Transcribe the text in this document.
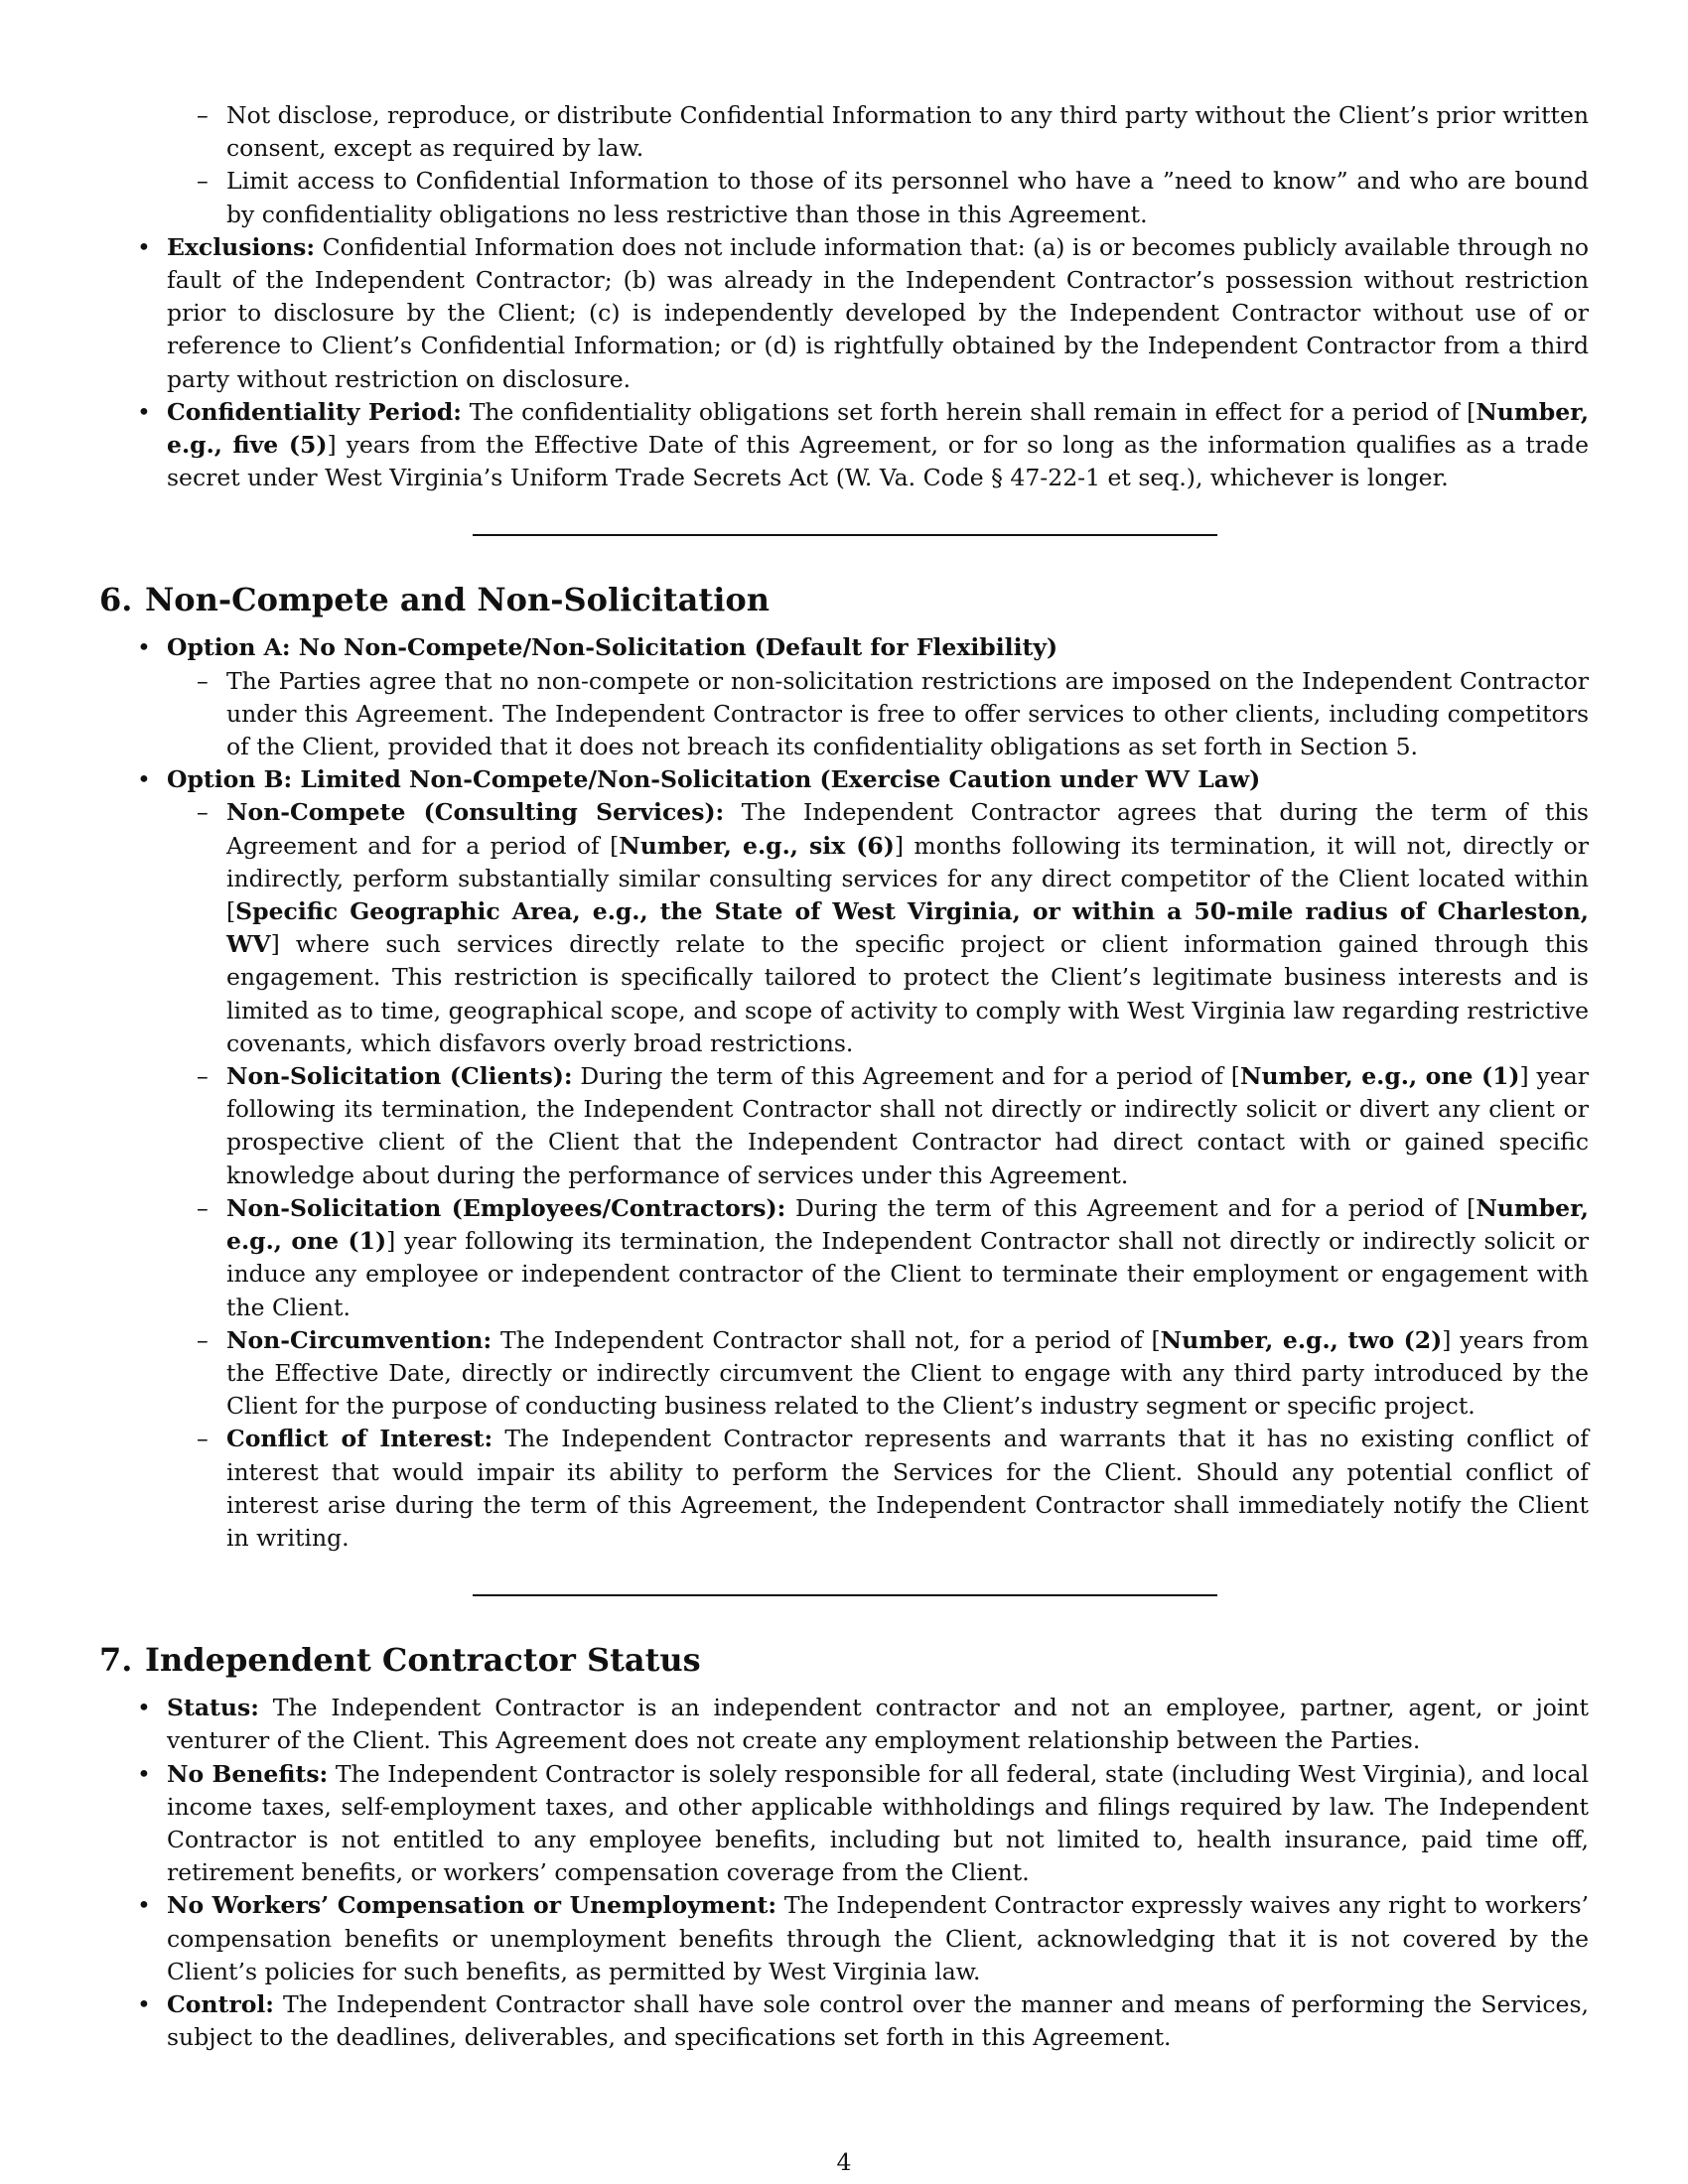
– Not disclose, reproduce, or distribute Confidential Information to any third party without the Client’s prior written consent, except as required by law.
– Limit access to Confidential Information to those of its personnel who have a ”need to know” and who are bound by confidentiality obligations no less restrictive than those in this Agreement.
• Exclusions: Confidential Information does not include information that: (a) is or becomes publicly available through no fault of the Independent Contractor; (b) was already in the Independent Contractor’s possession without restriction prior to disclosure by the Client; (c) is independently developed by the Independent Contractor without use of or reference to Client’s Confidential Information; or (d) is rightfully obtained by the Independent Contractor from a third party without restriction on disclosure.
• Confidentiality Period: The confidentiality obligations set forth herein shall remain in effect for a period of [Number, e.g., five (5)] years from the Effective Date of this Agreement, or for so long as the information qualifies as a trade secret under West Virginia’s Uniform Trade Secrets Act (W. Va. Code § 47-22-1 et seq.), whichever is longer.
6. Non-Compete and Non-Solicitation
• Option A: No Non-Compete/Non-Solicitation (Default for Flexibility)
– The Parties agree that no non-compete or non-solicitation restrictions are imposed on the Independent Contractor under this Agreement. The Independent Contractor is free to offer services to other clients, including competitors of the Client, provided that it does not breach its confidentiality obligations as set forth in Section 5.
• Option B: Limited Non-Compete/Non-Solicitation (Exercise Caution under WV Law)
– Non-Compete (Consulting Services): The Independent Contractor agrees that during the term of this Agreement and for a period of [Number, e.g., six (6)] months following its termination, it will not, directly or indirectly, perform substantially similar consulting services for any direct competitor of the Client located within [Specific Geographic Area, e.g., the State of West Virginia, or within a 50-mile radius of Charleston, WV] where such services directly relate to the specific project or client information gained through this engagement. This restriction is specifically tailored to protect the Client’s legitimate business interests and is limited as to time, geographical scope, and scope of activity to comply with West Virginia law regarding restrictive covenants, which disfavors overly broad restrictions.
– Non-Solicitation (Clients): During the term of this Agreement and for a period of [Number, e.g., one (1)] year following its termination, the Independent Contractor shall not directly or indirectly solicit or divert any client or prospective client of the Client that the Independent Contractor had direct contact with or gained specific knowledge about during the performance of services under this Agreement.
– Non-Solicitation (Employees/Contractors): During the term of this Agreement and for a period of [Number, e.g., one (1)] year following its termination, the Independent Contractor shall not directly or indirectly solicit or induce any employee or independent contractor of the Client to terminate their employment or engagement with the Client.
– Non-Circumvention: The Independent Contractor shall not, for a period of [Number, e.g., two (2)] years from the Effective Date, directly or indirectly circumvent the Client to engage with any third party introduced by the Client for the purpose of conducting business related to the Client’s industry segment or specific project.
– Conflict of Interest: The Independent Contractor represents and warrants that it has no existing conflict of interest that would impair its ability to perform the Services for the Client. Should any potential conflict of interest arise during the term of this Agreement, the Independent Contractor shall immediately notify the Client in writing.
7. Independent Contractor Status
• Status: The Independent Contractor is an independent contractor and not an employee, partner, agent, or joint venturer of the Client. This Agreement does not create any employment relationship between the Parties.
• No Benefits: The Independent Contractor is solely responsible for all federal, state (including West Virginia), and local income taxes, self-employment taxes, and other applicable withholdings and filings required by law. The Independent Contractor is not entitled to any employee benefits, including but not limited to, health insurance, paid time off, retirement benefits, or workers’ compensation coverage from the Client.
• No Workers’ Compensation or Unemployment: The Independent Contractor expressly waives any right to workers’ compensation benefits or unemployment benefits through the Client, acknowledging that it is not covered by the Client’s policies for such benefits, as permitted by West Virginia law.
• Control: The Independent Contractor shall have sole control over the manner and means of performing the Services, subject to the deadlines, deliverables, and specifications set forth in this Agreement.
4
